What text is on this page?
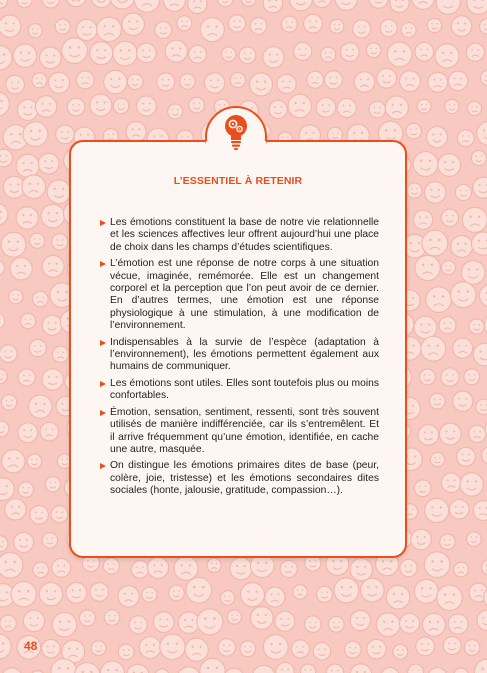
L’ESSENTIEL À RETENIR
Les émotions constituent la base de notre vie relationnelle et les sciences affectives leur offrent aujourd’hui une place de choix dans les champs d’études scientifiques.
L’émotion est une réponse de notre corps à une situation vécue, imaginée, remémorée. Elle est un changement corporel et la perception que l’on peut avoir de ce dernier. En d’autres termes, une émotion est une réponse physiologique à une stimulation, à une modification de l’environnement.
Indispensables à la survie de l’espèce (adaptation à l’environnement), les émotions permettent également aux humains de communiquer.
Les émotions sont utiles. Elles sont toutefois plus ou moins confortables.
Émotion, sensation, sentiment, ressenti, sont très souvent utilisés de manière indifférenciée, car ils s’entremêlent. Et il arrive fréquemment qu’une émotion, identifiée, en cache une autre, masquée.
On distingue les émotions primaires dites de base (peur, colère, joie, tristesse) et les émotions secondaires dites sociales (honte, jalousie, gratitude, compassion…).
48
